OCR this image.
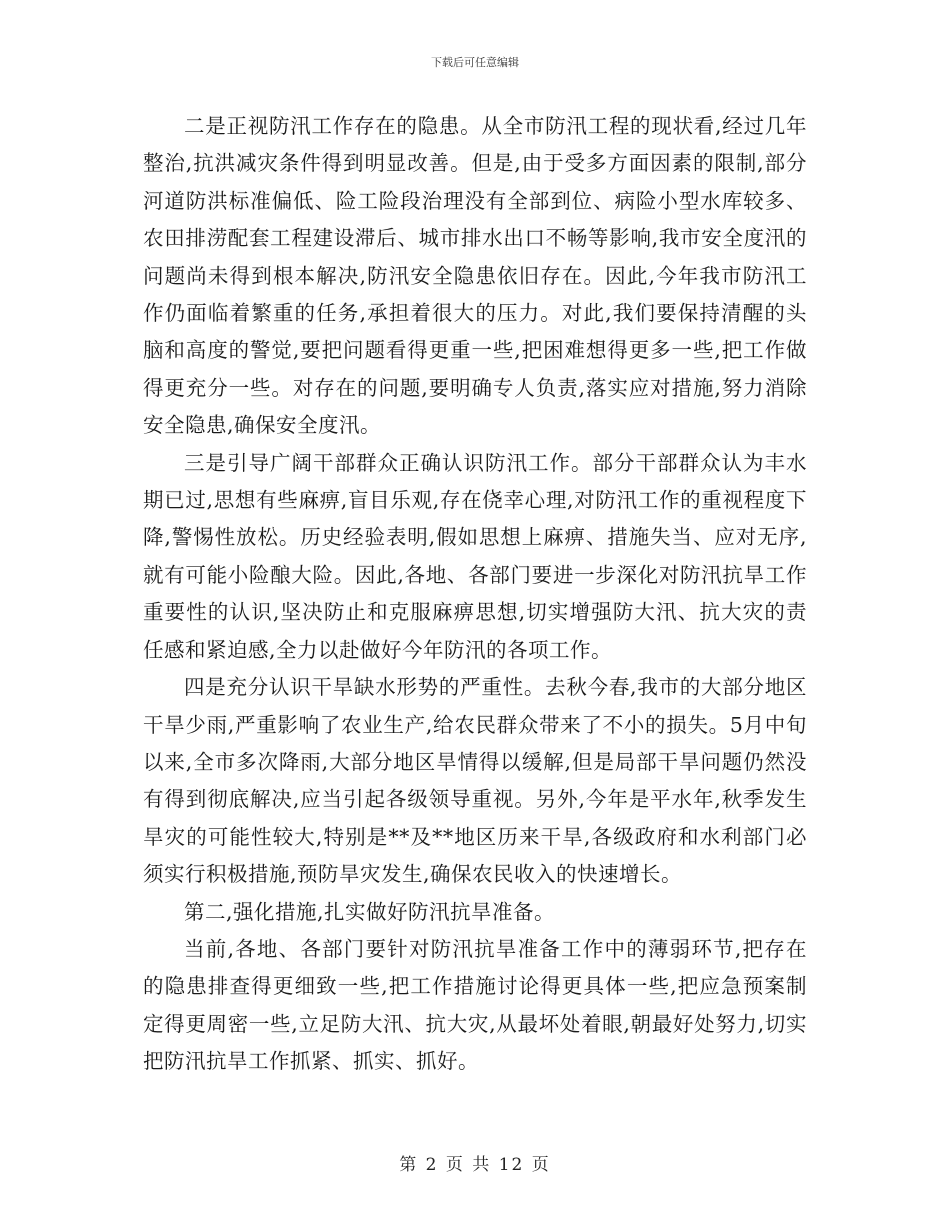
下载后可任意编辑

二是正视防汛工作存在的隐患。从全市防汛工程的现状看,经过几年整治,抗洪减灾条件得到明显改善。但是,由于受多方面因素的限制,部分河道防洪标准偏低、险工险段治理没有全部到位、病险小型水库较多、农田排涝配套工程建设滞后、城市排水出口不畅等影响,我市安全度汛的问题尚未得到根本解决,防汛安全隐患依旧存在。因此,今年我市防汛工作仍面临着繁重的任务,承担着很大的压力。对此,我们要保持清醒的头脑和高度的警觉,要把问题看得更重一些,把困难想得更多一些,把工作做得更充分一些。对存在的问题,要明确专人负责,落实应对措施,努力消除安全隐患,确保安全度汛。

三是引导广阔干部群众正确认识防汛工作。部分干部群众认为丰水期已过,思想有些麻痹,盲目乐观,存在侥幸心理,对防汛工作的重视程度下降,警惕性放松。历史经验表明,假如思想上麻痹、措施失当、应对无序,就有可能小险酿大险。因此,各地、各部门要进一步深化对防汛抗旱工作重要性的认识,坚决防止和克服麻痹思想,切实增强防大汛、抗大灾的责任感和紧迫感,全力以赴做好今年防汛的各项工作。

四是充分认识干旱缺水形势的严重性。去秋今春,我市的大部分地区干旱少雨,严重影响了农业生产,给农民群众带来了不小的损失。5月中旬以来,全市多次降雨,大部分地区旱情得以缓解,但是局部干旱问题仍然没有得到彻底解决,应当引起各级领导重视。另外,今年是平水年,秋季发生旱灾的可能性较大,特别是**及**地区历来干旱,各级政府和水利部门必须实行积极措施,预防旱灾发生,确保农民收入的快速增长。

第二,强化措施,扎实做好防汛抗旱准备。

当前,各地、各部门要针对防汛抗旱准备工作中的薄弱环节,把存在的隐患排查得更细致一些,把工作措施讨论得更具体一些,把应急预案制定得更周密一些,立足防大汛、抗大灾,从最坏处着眼,朝最好处努力,切实把防汛抗旱工作抓紧、抓实、抓好。

第 2 页 共 12 页
